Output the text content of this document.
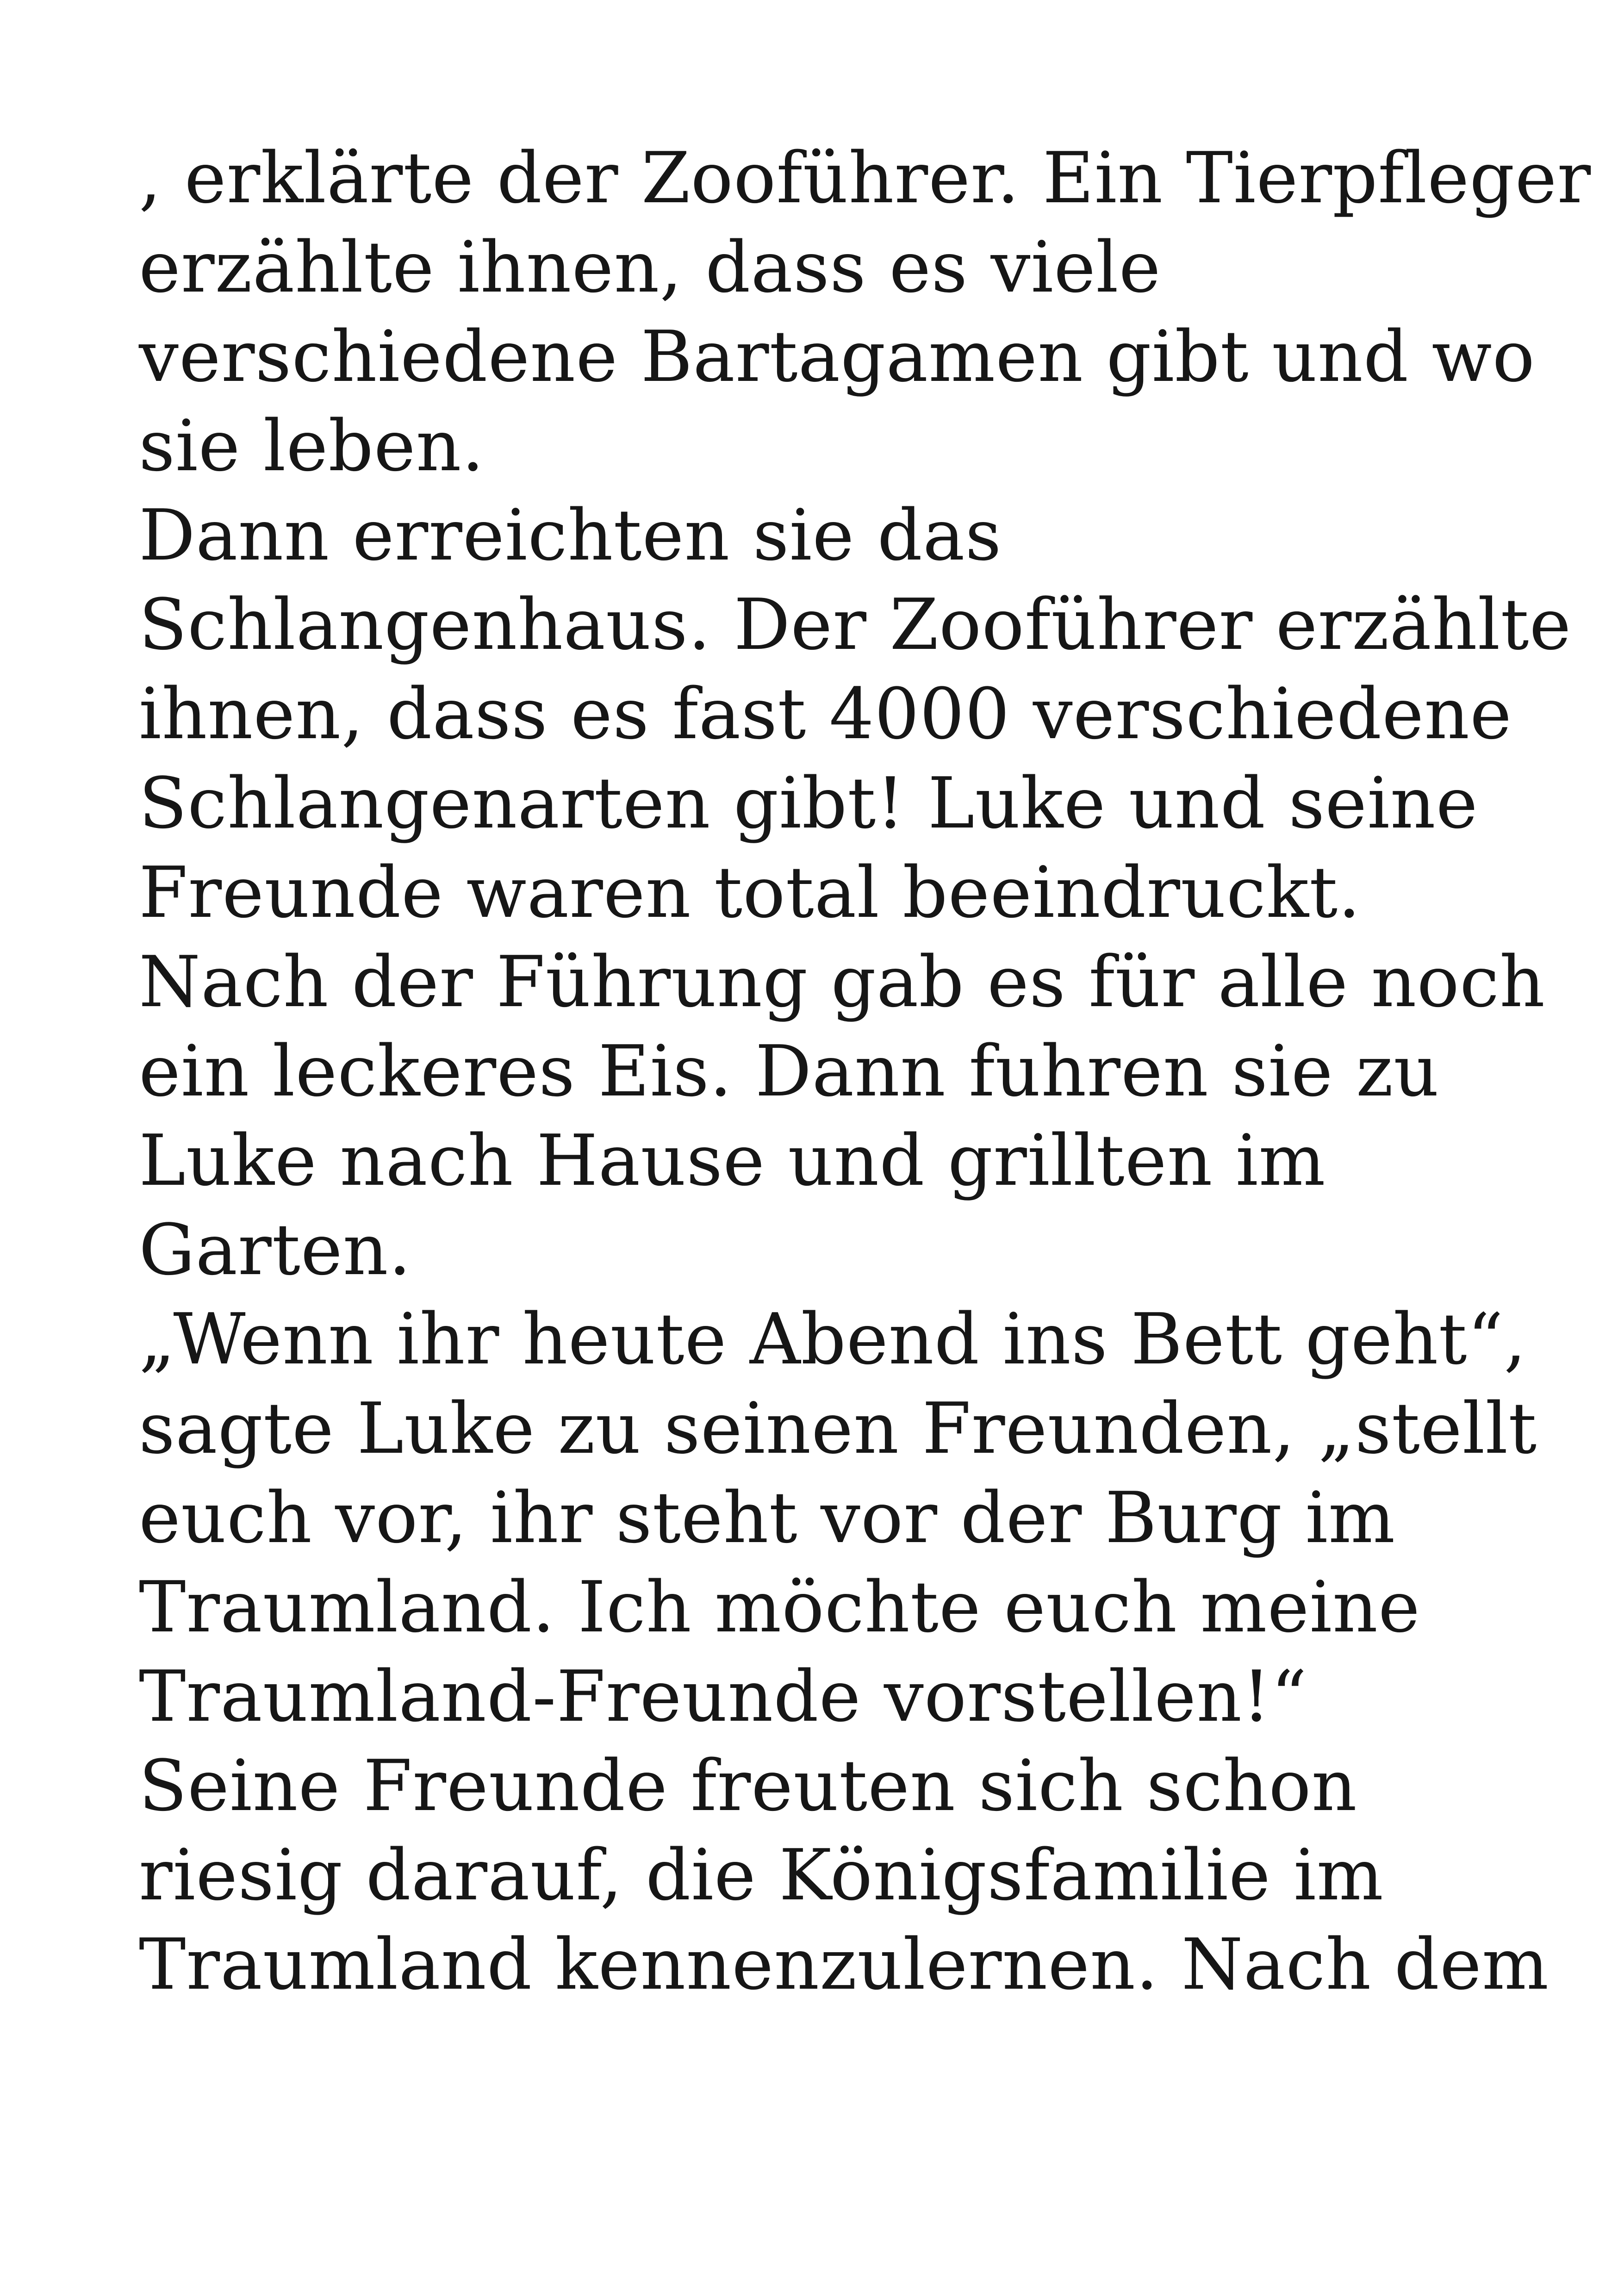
, erklärte der Zooführer. Ein Tierpfleger
erzählte ihnen, dass es viele
verschiedene Bartagamen gibt und wo
sie leben.
Dann erreichten sie das
Schlangenhaus. Der Zooführer erzählte
ihnen, dass es fast 4000 verschiedene
Schlangenarten gibt! Luke und seine
Freunde waren total beeindruckt.
Nach der Führung gab es für alle noch
ein leckeres Eis. Dann fuhren sie zu
Luke nach Hause und grillten im
Garten.
„Wenn ihr heute Abend ins Bett geht“,
sagte Luke zu seinen Freunden, „stellt
euch vor, ihr steht vor der Burg im
Traumland. Ich möchte euch meine
Traumland-Freunde vorstellen!“
Seine Freunde freuten sich schon
riesig darauf, die Königsfamilie im
Traumland kennenzulernen. Nach dem
